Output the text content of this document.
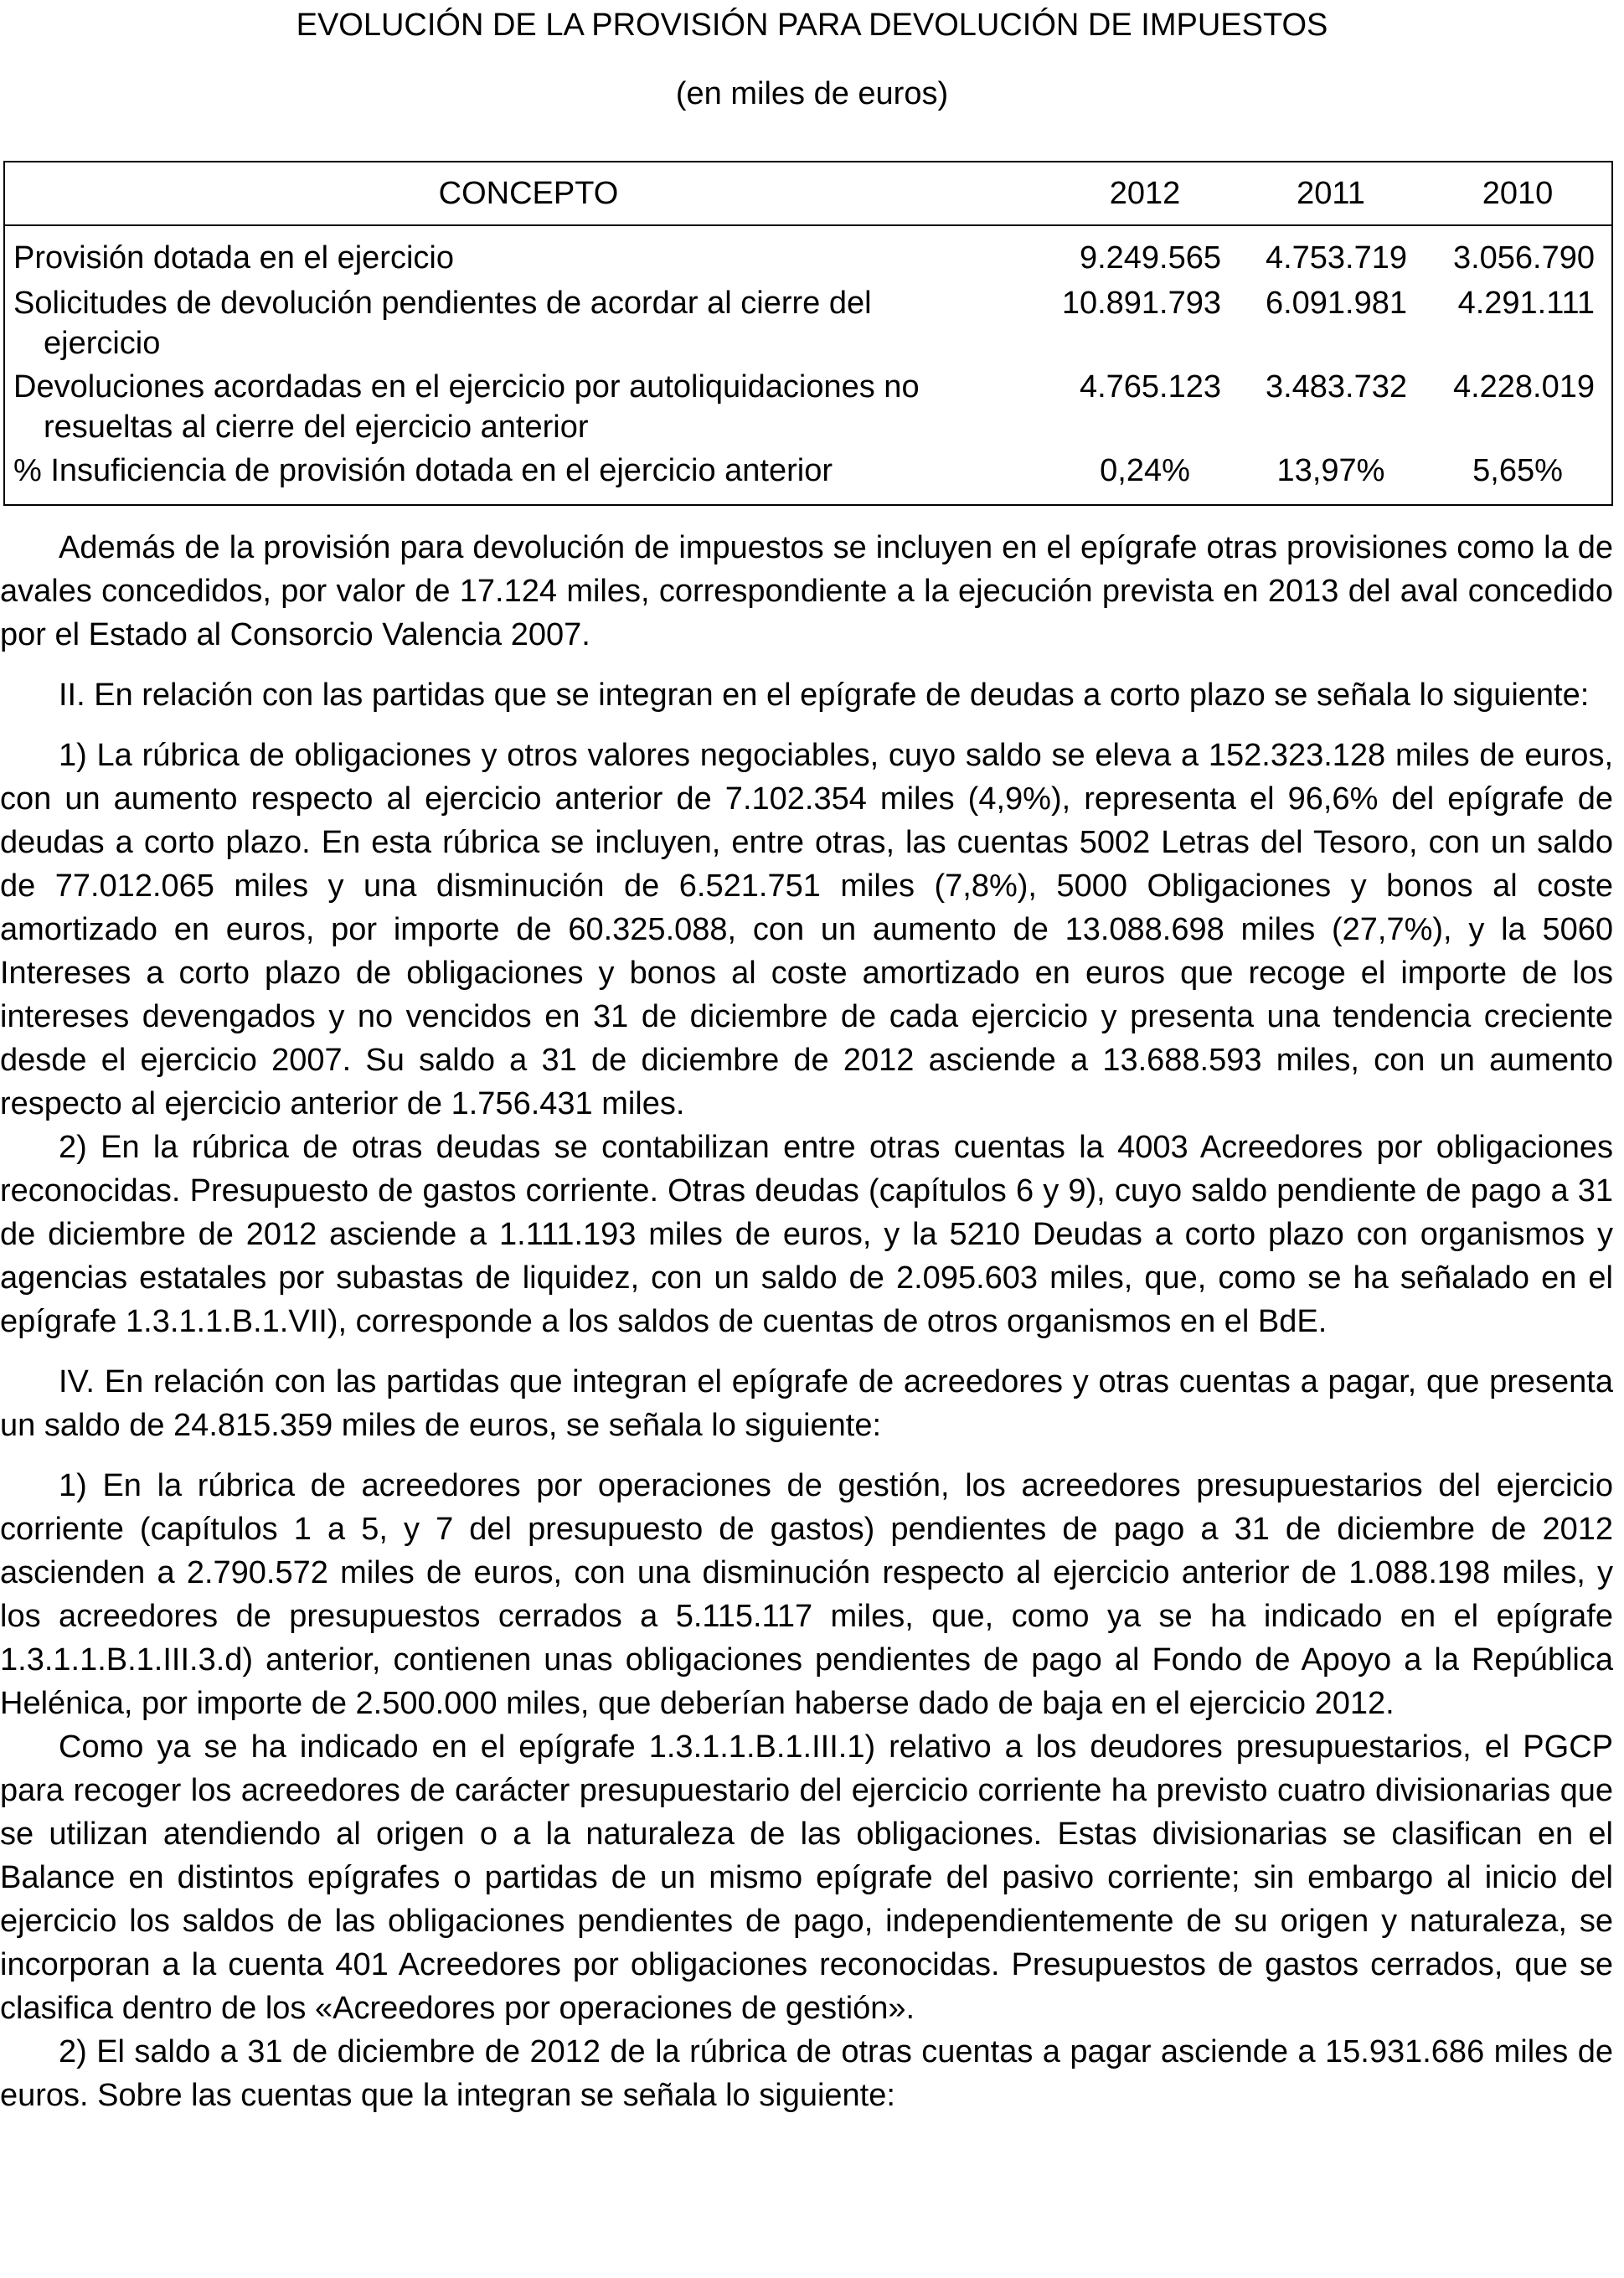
EVOLUCIÓN DE LA PROVISIÓN PARA DEVOLUCIÓN DE IMPUESTOS
(en miles de euros)
CONCEPTO	2012	2011	2010
Provisión dotada en el ejercicio	9.249.565	4.753.719	3.056.790
Solicitudes de devolución pendientes de acordar al cierre del
ejercicio	10.891.793	6.091.981	4.291.111
Devoluciones acordadas en el ejercicio por autoliquidaciones no
resueltas al cierre del ejercicio anterior	4.765.123	3.483.732	4.228.019
% Insuficiencia de provisión dotada en el ejercicio anterior	0,24%	13,97%	5,65%

Además de la provisión para devolución de impuestos se incluyen en el epígrafe otras provisiones como la de avales concedidos, por valor de 17.124 miles, correspondiente a la ejecución prevista en 2013 del aval concedido por el Estado al Consorcio Valencia 2007.

II. En relación con las partidas que se integran en el epígrafe de deudas a corto plazo se señala lo siguiente:

1) La rúbrica de obligaciones y otros valores negociables, cuyo saldo se eleva a 152.323.128 miles de euros, con un aumento respecto al ejercicio anterior de 7.102.354 miles (4,9%), representa el 96,6% del epígrafe de deudas a corto plazo. En esta rúbrica se incluyen, entre otras, las cuentas 5002 Letras del Tesoro, con un saldo de 77.012.065 miles y una disminución de 6.521.751 miles (7,8%), 5000 Obligaciones y bonos al coste amortizado en euros, por importe de 60.325.088, con un aumento de 13.088.698 miles (27,7%), y la 5060 Intereses a corto plazo de obligaciones y bonos al coste amortizado en euros que recoge el importe de los intereses devengados y no vencidos en 31 de diciembre de cada ejercicio y presenta una tendencia creciente desde el ejercicio 2007. Su saldo a 31 de diciembre de 2012 asciende a 13.688.593 miles, con un aumento respecto al ejercicio anterior de 1.756.431 miles.

2) En la rúbrica de otras deudas se contabilizan entre otras cuentas la 4003 Acreedores por obligaciones reconocidas. Presupuesto de gastos corriente. Otras deudas (capítulos 6 y 9), cuyo saldo pendiente de pago a 31 de diciembre de 2012 asciende a 1.111.193 miles de euros, y la 5210 Deudas a corto plazo con organismos y agencias estatales por subastas de liquidez, con un saldo de 2.095.603 miles, que, como se ha señalado en el epígrafe 1.3.1.1.B.1.VII), corresponde a los saldos de cuentas de otros organismos en el BdE.

IV. En relación con las partidas que integran el epígrafe de acreedores y otras cuentas a pagar, que presenta un saldo de 24.815.359 miles de euros, se señala lo siguiente:

1) En la rúbrica de acreedores por operaciones de gestión, los acreedores presupuestarios del ejercicio corriente (capítulos 1 a 5, y 7 del presupuesto de gastos) pendientes de pago a 31 de diciembre de 2012 ascienden a 2.790.572 miles de euros, con una disminución respecto al ejercicio anterior de 1.088.198 miles, y los acreedores de presupuestos cerrados a 5.115.117 miles, que, como ya se ha indicado en el epígrafe 1.3.1.1.B.1.III.3.d) anterior, contienen unas obligaciones pendientes de pago al Fondo de Apoyo a la República Helénica, por importe de 2.500.000 miles, que deberían haberse dado de baja en el ejercicio 2012.

Como ya se ha indicado en el epígrafe 1.3.1.1.B.1.III.1) relativo a los deudores presupuestarios, el PGCP para recoger los acreedores de carácter presupuestario del ejercicio corriente ha previsto cuatro divisionarias que se utilizan atendiendo al origen o a la naturaleza de las obligaciones. Estas divisionarias se clasifican en el Balance en distintos epígrafes o partidas de un mismo epígrafe del pasivo corriente; sin embargo al inicio del ejercicio los saldos de las obligaciones pendientes de pago, independientemente de su origen y naturaleza, se incorporan a la cuenta 401 Acreedores por obligaciones reconocidas. Presupuestos de gastos cerrados, que se clasifica dentro de los «Acreedores por operaciones de gestión».

2) El saldo a 31 de diciembre de 2012 de la rúbrica de otras cuentas a pagar asciende a 15.931.686 miles de euros. Sobre las cuentas que la integran se señala lo siguiente:
